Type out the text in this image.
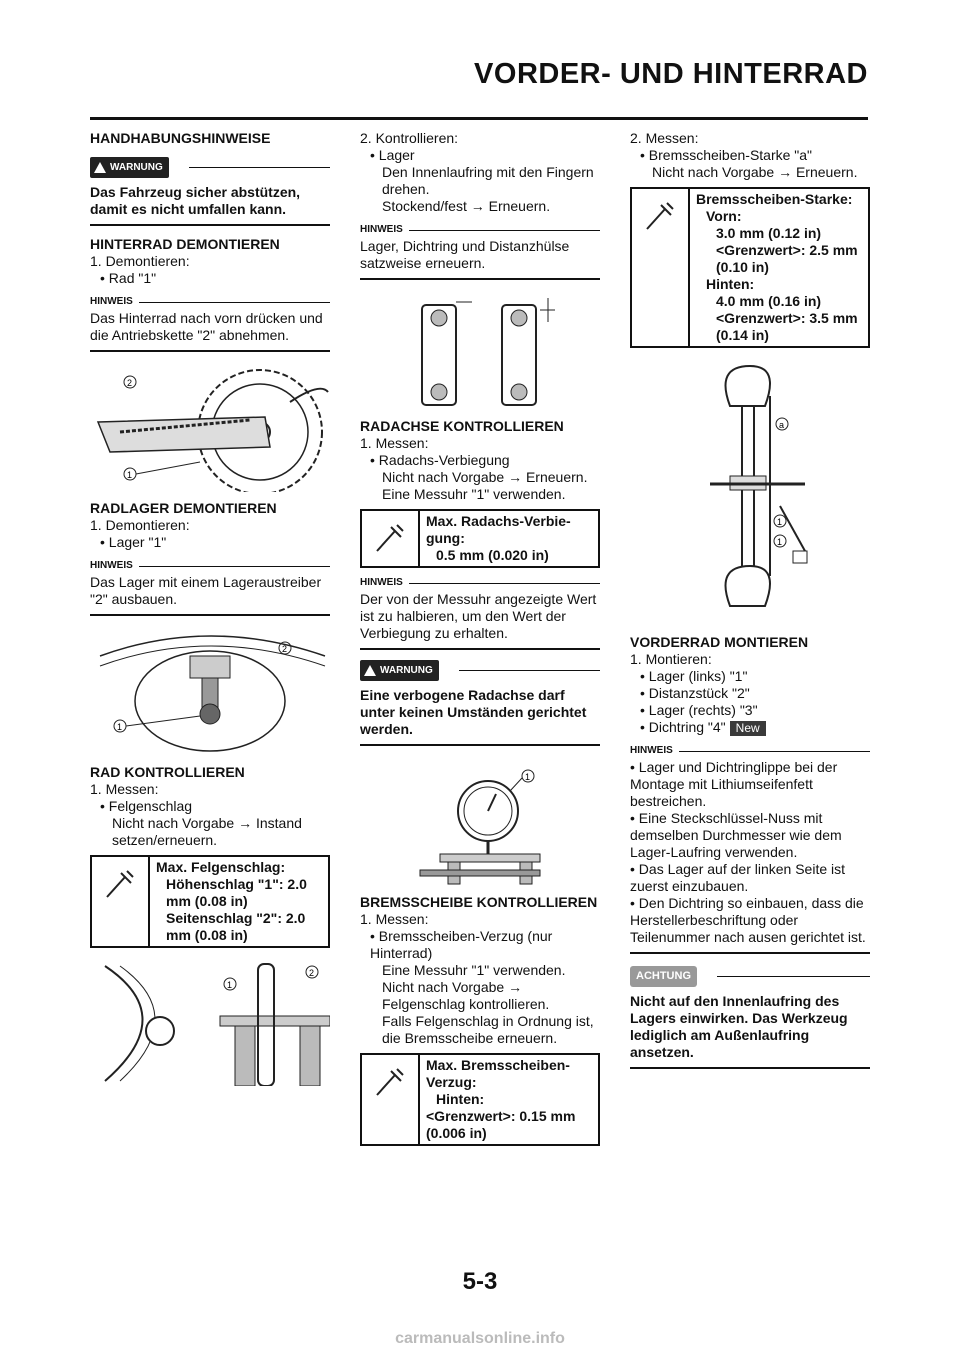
VORDER- UND HINTERRAD

HANDHABUNGSHINWEISE

WARNUNG

Das Fahrzeug sicher abstützen, damit es nicht umfallen kann.

HINTERRAD DEMONTIEREN

1. Demontieren:

• Rad "1"

HINWEIS

Das Hinterrad nach vorn drücken und die Antriebskette "2" abnehmen.

2
1

RADLAGER DEMONTIEREN

1. Demontieren:

• Lager "1"

HINWEIS

Das Lager mit einem Lageraustreiber "2" ausbauen.

2
1

RAD KONTROLLIEREN

1. Messen:

• Felgenschlag

Nicht nach Vorgabe → Instand setzen/erneuern.

Max. Felgenschlag:
Höhenschlag "1": 2.0
mm (0.08 in)
Seitenschlag "2": 2.0
mm (0.08 in)
1
2

2. Kontrollieren:

• Lager

Den Innenlaufring mit den Fingern drehen.

Stockend/fest → Erneuern.

HINWEIS

Lager, Dichtring und Distanzhülse satzweise erneuern.

RADACHSE KONTROLLIEREN

1. Messen:

• Radachs-Verbiegung

Nicht nach Vorgabe → Erneuern.

Eine Messuhr "1" verwenden.

Max. Radachs-Verbie-
gung:
0.5 mm (0.020 in)
HINWEIS

Der von der Messuhr angezeigte Wert ist zu halbieren, um den Wert der Verbiegung zu erhalten.

WARNUNG

Eine verbogene Radachse darf unter keinen Umständen gerichtet werden.

1

BREMSSCHEIBE KONTROLLIEREN

1. Messen:

• Bremsscheiben-Verzug (nur Hinterrad)

Eine Messuhr "1" verwenden.

Nicht nach Vorgabe → Felgenschlag kontrollieren.

Falls Felgenschlag in Ordnung ist, die Bremsscheibe erneuern.

Max. Bremsscheiben-
Verzug:
Hinten:
<Grenzwert>: 0.15 mm
(0.006 in)

2. Messen:

• Bremsscheiben-Starke "a"

Nicht nach Vorgabe → Erneuern.

Bremsscheiben-Starke:
Vorn:
3.0 mm (0.12 in)
<Grenzwert>: 2.5 mm
(0.10 in)
Hinten:
4.0 mm (0.16 in)
<Grenzwert>: 3.5 mm
(0.14 in)
a
1
1

VORDERRAD MONTIEREN

1. Montieren:

• Lager (links) "1"

• Distanzstück "2"

• Lager (rechts) "3"

• Dichtring "4" New

HINWEIS

• Lager und Dichtringlippe bei der Montage mit Lithiumseifenfett bestreichen.

• Eine Steckschlüssel-Nuss mit demselben Durchmesser wie dem Lager-Laufring verwenden.

• Das Lager auf der linken Seite ist zuerst einzubauen.

• Den Dichtring so einbauen, dass die Herstellerbeschriftung oder Teilenummer nach ausen gerichtet ist.

ACHTUNG

Nicht auf den Innenlaufring des Lagers einwirken. Das Werkzeug lediglich am Außenlaufring ansetzen.

5-3
carmanualsonline.info
